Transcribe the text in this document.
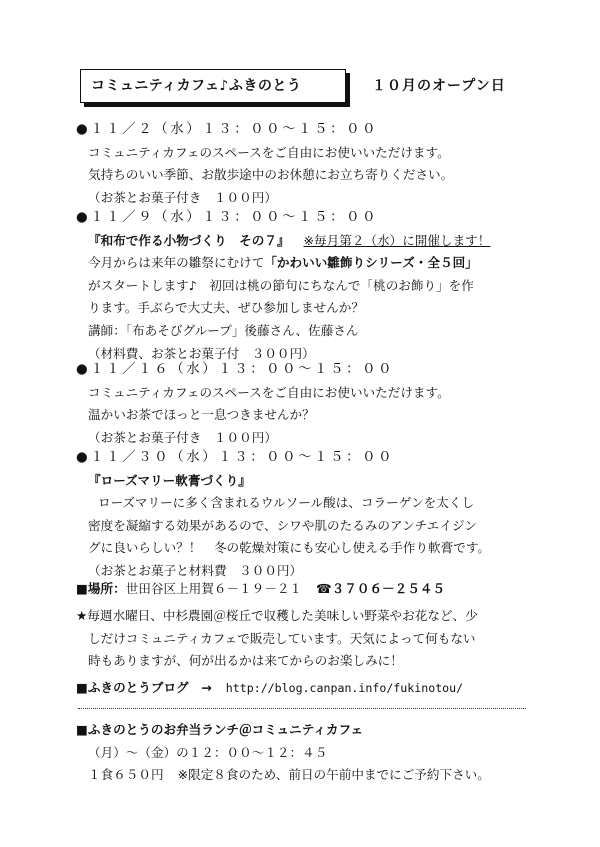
コミュニティカフェ♪ふきのとう	１０月のオープン日
●１１／２（水）１３：００〜１５：００
コミュニティカフェのスペースをご自由にお使いいただけます。
気持ちのいい季節、お散歩途中のお休憩にお立ち寄りください。
（お茶とお菓子付き　１００円）
●１１／９（水）１３：００〜１５：００
『和布で作る小物づくり　その７』 ※毎月第２（水）に開催します！
今月からは来年の雛祭にむけて「かわいい雛飾りシリーズ・全５回」
がスタートします♪　初回は桃の節句にちなんで「桃のお飾り」を作
ります。手ぶらで大丈夫、ぜひ参加しませんか？
講師：「布あそびグループ」後藤さん、佐藤さん
（材料費、お茶とお菓子付　３００円）
●１１／１６（水）１３：００〜１５：００
コミュニティカフェのスペースをご自由にお使いいただけます。
温かいお茶でほっと一息つきませんか？
（お茶とお菓子付き　１００円）
●１１／３０（水）１３：００〜１５：００
『ローズマリー軟膏づくり』
ローズマリーに多く含まれるウルソール酸は、コラーゲンを太くし
密度を凝縮する効果があるので、シワや肌のたるみのアンチエイジン
グに良いらしい？！　冬の乾燥対策にも安心し使える手作り軟膏です。
（お茶とお菓子と材料費　３００円）
■場所：世田谷区上用賀６－１９－２１ ☎３７０６－２５４５
★毎週水曜日、中杉農園＠桜丘で収穫した美味しい野菜やお花など、少
しだけコミュニティカフェで販売しています。天気によって何もない
時もありますが、何が出るかは来てからのお楽しみに！
■ふきのとうブログ　→ http://blog.canpan.info/fukinotou/
■ふきのとうのお弁当ランチ＠コミュニティカフェ
（月）〜（金）の１２：００〜１２：４５
１食６５０円 ※限定８食のため、前日の午前中までにご予約下さい。
